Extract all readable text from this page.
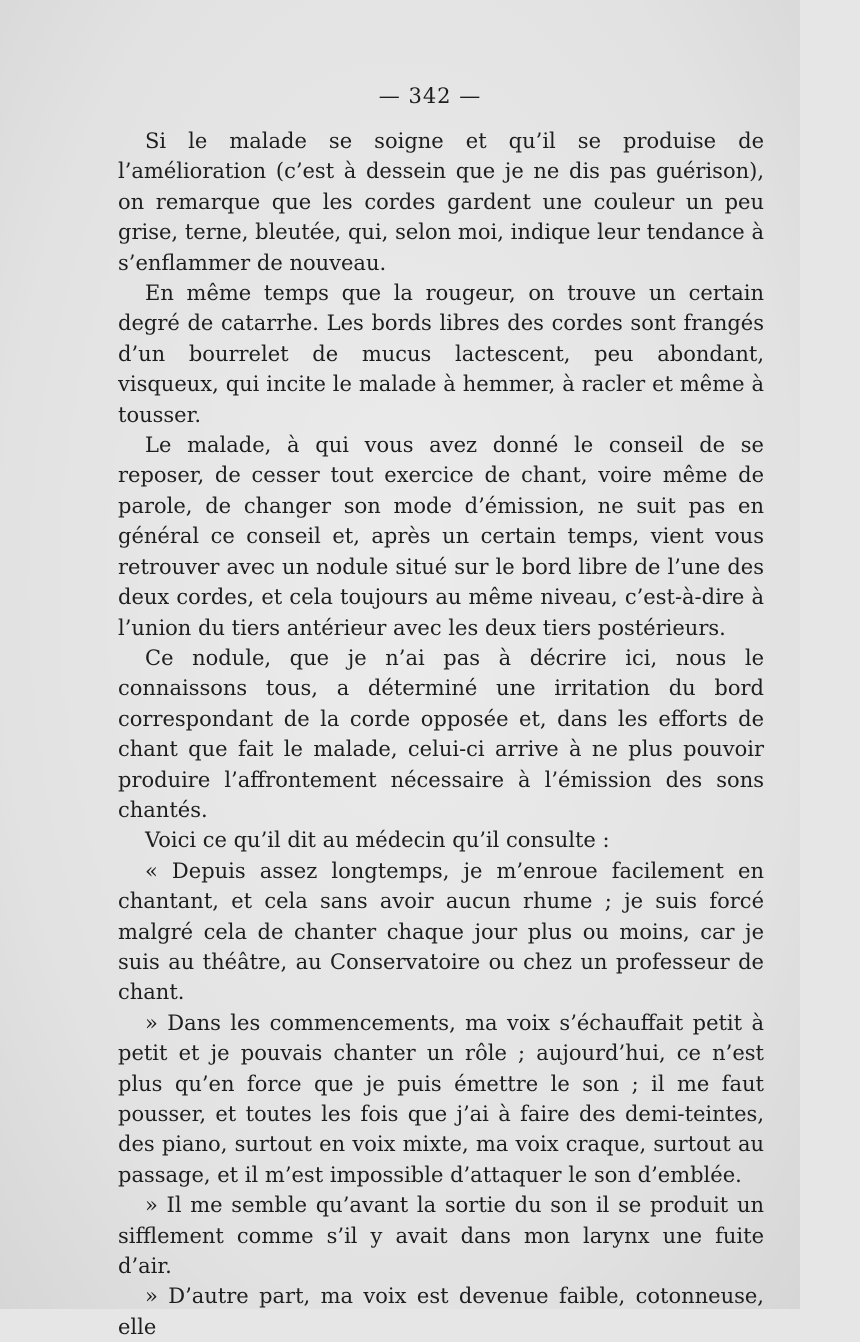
— 342 —

Si le malade se soigne et qu’il se produise de l’amélioration (c’est à dessein que je ne dis pas guérison), on remarque que les cordes gardent une couleur un peu grise, terne, bleutée, qui, selon moi, indique leur tendance à s’enflammer de nouveau.

En même temps que la rougeur, on trouve un certain degré de catarrhe. Les bords libres des cordes sont frangés d’un bourrelet de mucus lactescent, peu abondant, visqueux, qui incite le malade à hemmer, à racler et même à tousser.

Le malade, à qui vous avez donné le conseil de se reposer, de cesser tout exercice de chant, voire même de parole, de changer son mode d’émission, ne suit pas en général ce conseil et, après un certain temps, vient vous retrouver avec un nodule situé sur le bord libre de l’une des deux cordes, et cela toujours au même niveau, c’est-à-dire à l’union du tiers antérieur avec les deux tiers postérieurs.

Ce nodule, que je n’ai pas à décrire ici, nous le connaissons tous, a déterminé une irritation du bord correspondant de la corde opposée et, dans les efforts de chant que fait le malade, celui-ci arrive à ne plus pouvoir produire l’affrontement nécessaire à l’émission des sons chantés.

Voici ce qu’il dit au médecin qu’il consulte :

« Depuis assez longtemps, je m’enroue facilement en chantant, et cela sans avoir aucun rhume ; je suis forcé malgré cela de chanter chaque jour plus ou moins, car je suis au théâtre, au Conservatoire ou chez un professeur de chant.

» Dans les commencements, ma voix s’échauffait petit à petit et je pouvais chanter un rôle ; aujourd’hui, ce n’est plus qu’en force que je puis émettre le son ; il me faut pousser, et toutes les fois que j’ai à faire des demi-teintes, des piano, surtout en voix mixte, ma voix craque, surtout au passage, et il m’est impossible d’attaquer le son d’emblée.

» Il me semble qu’avant la sortie du son il se produit un sifflement comme s’il y avait dans mon larynx une fuite d’air.

» D’autre part, ma voix est devenue faible, cotonneuse, elle
